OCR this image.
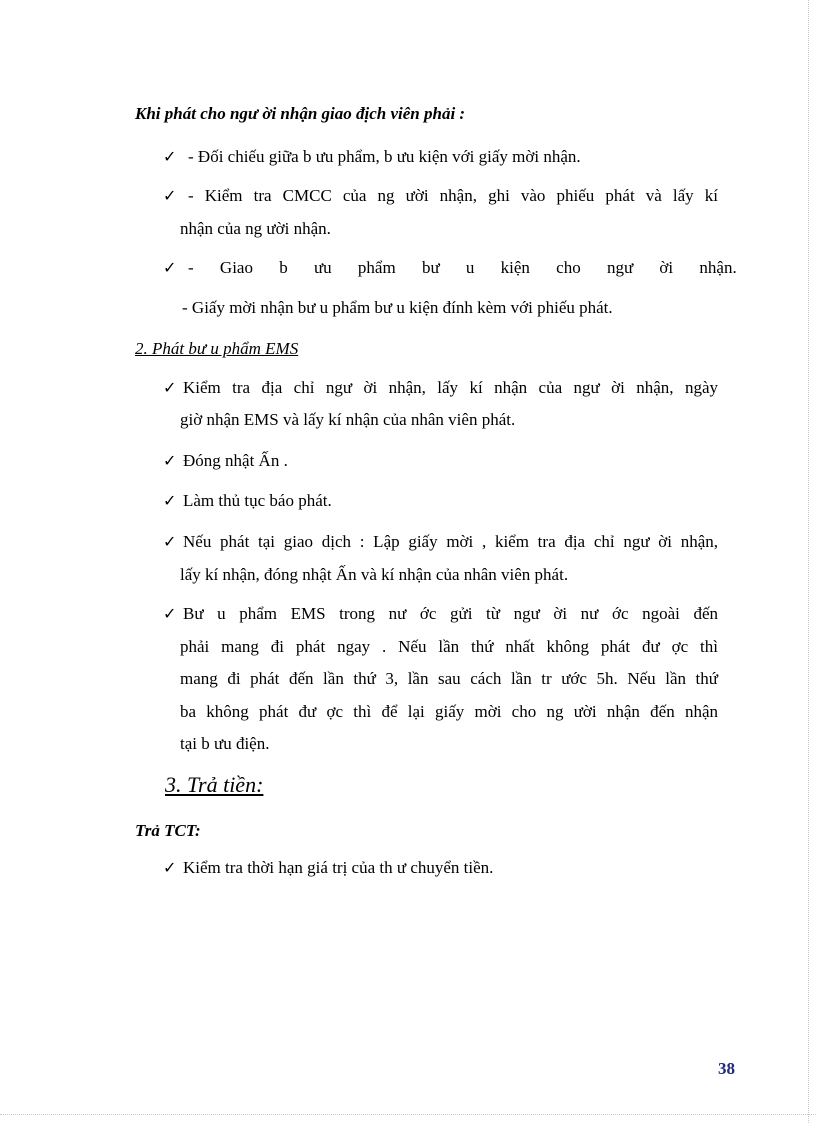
Khi phát cho ngư ời nhận giao địch viên phải :
✓ - Đối chiếu giữa b ưu phẩm, b ưu kiện với giấy mời nhận.
✓ - Kiểm tra CMCC của ng ười nhận, ghi vào phiếu phát và lấy kí
nhận của ng ười nhận.
✓ - Giao b ưu phẩm bư u kiện cho ngư ời nhận.
- Giấy mời nhận bư u phẩm bư u kiện đính kèm với phiếu phát.
2. Phát bư u phẩm EMS
✓ Kiểm tra địa chỉ ngư ời nhận, lấy kí nhận của ngư ời nhận, ngày
giờ nhận EMS và lấy kí nhận của nhân viên phát.
✓ Đóng nhật Ấn .
✓ Làm thủ tục báo phát.
✓ Nếu phát tại giao dịch : Lập giấy mời , kiểm tra địa chỉ ngư ời nhận,
lấy kí nhận, đóng nhật Ấn và kí nhận của nhân viên phát.
✓ Bư u phẩm EMS trong nư ớc gửi từ ngư ời nư ớc ngoài đến
phải mang đi phát ngay . Nếu lần thứ nhất không phát đư ợc thì
mang đi phát đến lần thứ 3, lần sau cách lần tr ước 5h. Nếu lần thứ
ba không phát đư ợc thì để lại giấy mời cho ng ười nhận đến nhận
tại b ưu điện.
3. Trả tiền:
Trả TCT:
✓ Kiểm tra thời hạn giá trị của th ư chuyển tiền.
38
